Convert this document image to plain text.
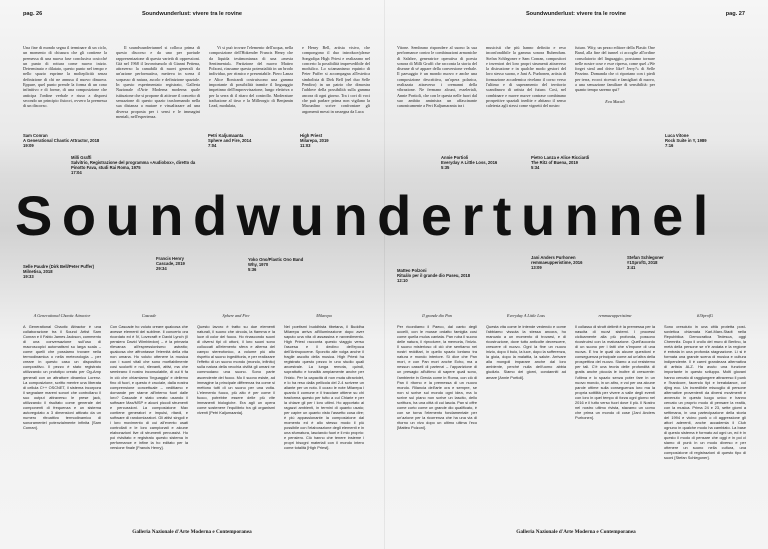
pag. 26	Soundwunderlust: vivere tra le rovine	Soundwunderlust: vivere tra le rovine	pag. 27

Una fine di mondo segna il terminare di un ciclo, un momento di chiusura che gli contiene la premessa di una nuova fase conclusiva cosicché un punto di rottura come nuovo inizio. Determinato e dilatato, questo punto nel tempo e nello spazio esprime la molteplicità senza definizione di chi ne annusa il nuovo dinuova. Eppure, quel punto prende la forma di un cono infinitivo e di forme, di una composizione che anticipa l'ordine verbale e riuso a disporsi secondo un principio fisiocrt, ovvero la premessa di un discorso.

Il soundwundertunnel si colloca prima di questo discorso e da uno per paviude rappresentazione di questa varietà di oppressioni. Già nel 1968 il lavorotumolo di Gianni Pettena, attraverso la camabilà di nuovi generali da un'azione performativa, metteva in scena il sorpasso di natura, ascolo e definizione spaziale. In questo esperimentato registrato, Galleria Nazionale d'Arte Moderna moderna quale istituzione che si propone di attivare il concetto di sensazione di questo spazio trasformando nella sua distanza a mutare e visualizzare ad una diversa proposta per i sensi e le immagini mentali, nell'esperienza.

Vi si può trovare l'elemento dell'acqua, nella composizione dell'Hokender Francis Henry che da liquida testimonianza di una «mesta Sentimental». Partizione del nuovo Matteo Polzoni, riassume questa potenzialità in un brodo individuo, per ritmico e presentabile. Piero Lanza e Alice Ronicardi costruiscono una gamma importante di possibilità tramite il linguaggio impetinno dell'improvvisazione, lungo elettriva o per la serra di il ritaro del controllo. Moderature traduzione al tirso e la Milleorgic di Benjamin Lead, modulata,

e Henry Bell, artista visivo, che compongono il duo introduce/please Songsdipa High Priest e realizzano nel concerto la possibilità imprevedibile del modulico. Lo sciamanismo equinio di Peter Puffer si accompagna all'estetica simbolista di Dirk Bell (nel duo Selle Pendiro) in un patrio che dimostra l'addove della possibilità sulla gamma ancora di ogni giorno. Tra i cori di voci che può parlare prima non vigilano la Macunlino scrive confrontare gli argomenti messi in rassegna da Luca

Vitone. Sembrano rispondere al suono la sua performance contro le combinazioni armoniche di Salzbre, generatrice operativa di poesia sonora di Milli Graffi che racconta la storia del diseane di sé appare della conversione verbale. Il paesaggio è un mondo nuovo e anche una composizione descrittiva, un'opera polarica, realizzata attraverso i cremanni della vibrazione. Ne fermano alcuni, esseleriali, Annie Portioli, che con le questa nelle fuori dal suo ambito aministra un affascinante canonicamente a Peri Kaljumaranta tra i

musicisti che più hanno definito e reso inconfondibile la gamma sonora Rubendum. Stefan Schlegoner e Sam Conran, compositori e inventori dei loro propri strumenti attraverso la distruzione e in qualche modo gestori del loro stesso suono, e Jani A. Purhonen, artista di formazione accademica rivelano il corso verso l'ultimo e di superamento del territorio scandinavo di artista del futuro. Così, nel combinare e nuove nuove contrase combinano prospettive spaziali inedite e abitano il senso caleiesta agli stessi come vignetti del nostro

futuro. Wity, un pezzo editore della Plastic One Band, alla fine del tunnel ci accoglie all'ordine consolatorio del linguaggio, possiamo tornare nelle nostre cose e esce ripresa, come quel «We forget steal and drive like? Jerry?» di Selle Pezzino. Domanda che ci riportano con i piedi per terra, eccoci ricevuti e famigliari di nuovo, a una sensazione familiare di sensibilità: per quanto tempo saremo qui?

Eva Macali

Sam Conran
A Generational Chaotic Attractor, 2018
19:09
Milli Graffi
Salvitrio, Registrazione del programma «Audiobox», diretto da Pinotto Fava, studi Rai Roma, 1975
17:04
Petri Kaljumaanta
Sphere and Fire, 2014
7:04
High Priest
Milarepa, 2019
11:03
Annie Portioli
Everyday A Little Loss, 2016
5:35
Pietro Lanza e Alice Ricciardi
The Ritz of Buena, 2019
5:34
Luca Vitone
Rock Suite in Y, 1989
7:16
Soundwundertunnel
Selle Paudre (Dirk Bell/Peter Puffer)
Milnetisa, 2018
19:33
Francis Henry
Cascade, 2019
29:34
Yoko Ono/Plastic Ono Band
Why, 1970
5:36	Matteo Polzoni
Rituálo per il grande dio Paseu, 2018
12:10
Jani Anders Purhonen
remmaeupperistime, 2016
13:09
Stefan Schlegoner
#1SprofG, 2018
3:41
A Generational Chaotic Attractor
A Generational Chaotic Attractor è una collaborazione tra il Sound Artist Sam Conran e il Fabio James Jackson, commento di una conversazione sull'uso di macroscopici automatismi su larga scala – come quelli che possiamo trovare nella termodinamica o nella meteorologia – per creare in questo caso un dispositivo compositivo. Il pezzo è stato registrato utilizzando un prototipo creato per Og-Amp generali con un attrattore dinamico Lorenz. La composizione, scritto mentre una lìberata di cellula C++ OSCNET, il sistema incorpora il segnalare mareni sonori che controllano il suo output attraverso le prese jack, utilizzando il risultato come generale dei componenti di frequenza e un sistema autoregolato a 3 dimensioni attivato da un numero ritroattivo termodinamico di sonoramentel potenzialmente infinita [Sam Conran].
Cascade
Con Cascade ho voluto creare qualcosa che avesse elementi del sublime. Il concerto ora ricordato ed è IV, Lovecraft e David Lynch (il pensiero David Wimbledon) – è la primaria rilevanza all'espressionismo astratto; qualcosa che affrontasse l'eternità della vita non umana. Ho voluto ottenere la musica con i suoni vitali che sono morfiabilmente così scoloriti e noi, rilevanti, attivi, ma che sembrano il nostro inconsolabile, di cui ti fa in ciò che chiamiamo 'linguaggio' e dellemo fino di fuori, e questo è cruciale, dalla nostra comprensione concettuale – veditiamo e domande per starne all'interno fuori dalle loro? Cascade è stato creato usando il software Max/MSP e alcuni piccoli strumenti e percussioni. La composizione Max contiene generatori e impulsi, ritardi, e software di randomizzatori. Gli attivi singoli e i loro movimento di cui all'evento usati controllati e le loro campionati e alcune elaborazioni live di strumenti percussivi. Ho poi rivisitato e registrato questo sistema in performance e infine la ho editato per la versione finale [Francis Henry].
Sphere and Fire
Questo lavoro è tratto su due elementi naturali, il suono che circola, la fiamma e la luce di color del fuoco. Ho rinascondo suoni di diversi tipi di ottoni, il loro suoni sono colloccati all'elemento sfera e alterna del campo stereofonico, a volume più alto rispetto al suono ingedittoria, e per realizzare l'effetto di un suono mondo (mondo, infinito) sulla natura della vecchia civiltà gli umani ne commodano una suono. Sono parte ascendente del fuoco. Mo il suono esiste, ad immagine la principale differenza tra come si mettono tutti di un suono per una volta. L'elemento fuoco, più alto è per come il fuoco, potrebbe essere delle più vite immanenti biologiche. Era agli un opera come sostenere l'equilibrio tra gli organismi viventi [Petri Kaljumaanta].
Milarepa
Nei poetismi buddhista tibetana, il Buddha Milarepa arriva all'illuminazione dopo aver saputo una vita di assassina e ravvedimento. High Priest racconta questo viaggio verso l'ascesa e il declino dell'epoca dell'Antropocene. Sporcito alle volga anche il fragile ascolto della musica. High Priest ha registrato questo pezzo in uno studio quali ancestrale. La lunga remota, quindi, soprattutto e tonalità ampiamente anche per l'inizio. Per la capacità di non muta ultraviolet, e lo ha reso dalla pellicola del 2-4 scrivere un aliante per un noto. Il cozzo le note Milarepa i quanto il comune e il tracciare ottiene su chi trasforma questo per tutto a cui Chiarie e per la chiave gli per i loro ultimi. Ho apportato ai ragazzi ambienti, in termini di quanto usato; per capire un quanto visto l'assetto cosa dire; è più appassionante la composizione dal momento ed è allo stesso modo il più possibile con l'elaborazione degli elementi e in una sfumatura, lasciando fuori e il mio proprio: e pensiero. Ciò hanno che tenere insieme i propri bisogni materiali con il mondo intero come totalità [High Priest].
Il grande dio Pan
Per ricordiamo il Paeco, dal canto degli uccelli, con le musse ordatto famiglia così come quella mulus cantata. Pan ruba il suono delle natura, il riprodurre, la memoria, l'inizio. Il suono misterioso di ciò che sentiamo nei nostri redditari, in quello spazio lontano tra natura e mondo interiore. Sì dice che Pan morì, e con Pan morì anche Echo, ma a nessun casseli di partenzi – l'apparizione di un presagio all'ultimo di sapere quali sono, l'ambiente in Grecia come in Roma, con ciò di Pan il ritorno e la premessa di un nuovo mondo. Rilancia dell'arte ora e sempre, se non si scrive sul mondo ogni idea, ma lo scrive sul piano non scrive un lascito, dello scrittura, ha una città di cui lascia. Pan si offre come corto come un grande dio qualificato, è con se torna l'elemento fondamentale per un'azione per la ricorrenza che ha una via di ritorno un vivo dopo un ultimo ultima l'eco [Matteo Polzoni].
Everyday A Little Loss
Questa vita come le intende vedendo e come l'abbiamo vissuta la stessa ancora, ho mancato a un momento di trovarsi, e di ricostruzione, dove tutto anticolte decrescere, crescere di nuovo. Ogni la fine un nuovo inizio, dopo il buio, la luce, dopo la sofferenza, la gioia, dopo la malattia, la salute. Arrivare alla mongoli imparare anche dal loro ambiente, perché nulla dell'uomo abbia giudizio. Siamo dei giorni, condanniti ad amare [Annie Portioli].
remmaeupperistime
Il collasso di strutt delimit è la premessa per la nascita di nuovi sistemi. I processi ciclicamente alla più profonda, possono ricostruirsi con la maturazione. Quell'accordo di un suono per i fatti che s'impone di una nuova. E tra le quali da alcune questioni e conseguenza principale come ad un'altra della prospettiva del nuovo. Siamo a cui resistemo per tali. C'è una teoria delle profondità di gratis anche piccola le inoltre di crescente: l'ultima e lo spazio senza poter fare in un nuovo mondo, in un altro, e voi per ora alcune parole ottime sulla conseguenza loro ma la propria sottilità per vivere a valle degli eventi con loro in quel tempo di forza ogni giorno nel 2016 e il tutto verso fuori dove il più. Il Nostro nel nostro ultimo rivista, stavamo un uomo che prima un mondo di cose [Jani Anders Purhonen].
#1SprofG
Sono cresciuto in una città protetta post-sovietica chiamata Karl-Marx-Stadt nella Repubblica Democratica Tedesca, oggi Chemnitz. Dopo il crollo del muro di Berlino, la metà della persone se n'è andata e la regione è entrata in una profonda stagnazione. Lì si è formata una grande scena di musica e cultura indipendente. Il è carmi grandezza alternativa di artista ALZ. Ha avuto una funzione importante in questo sviluppo. Molti giovani hanno cercato di raggiungere attraverso il punk e l'hardcore, facendo tipi e breakdance, col djing ecc. Un incredibile miscuglio di persone alternative provenienti da diversi movimenti è avvenuto in questo luogo unico e hanno cercato un proprio modo di pensare la realtà, con la musica. Prima 24 e 23, sette giorni a settimana, in una partecipazione della storia del 1994 e vicino punk o di aggressione gli attori aderenti, anche accademia il Club ognuno in qualche modo ha cambiato. La base di questo sistema è formato ad ogni un, ed è in questo il modo di pensare che oggi e in poi ci siamo di punk in un modo diverso e per ottenere un suono nella cultura, una composizione di registrazioni di questo tipo di suoni [Stefan Schlegoner].
Galleria Nazionale d'Arte Moderna e Contemporanea	Galleria Nazionale d'Arte Moderna e Contemporanea
